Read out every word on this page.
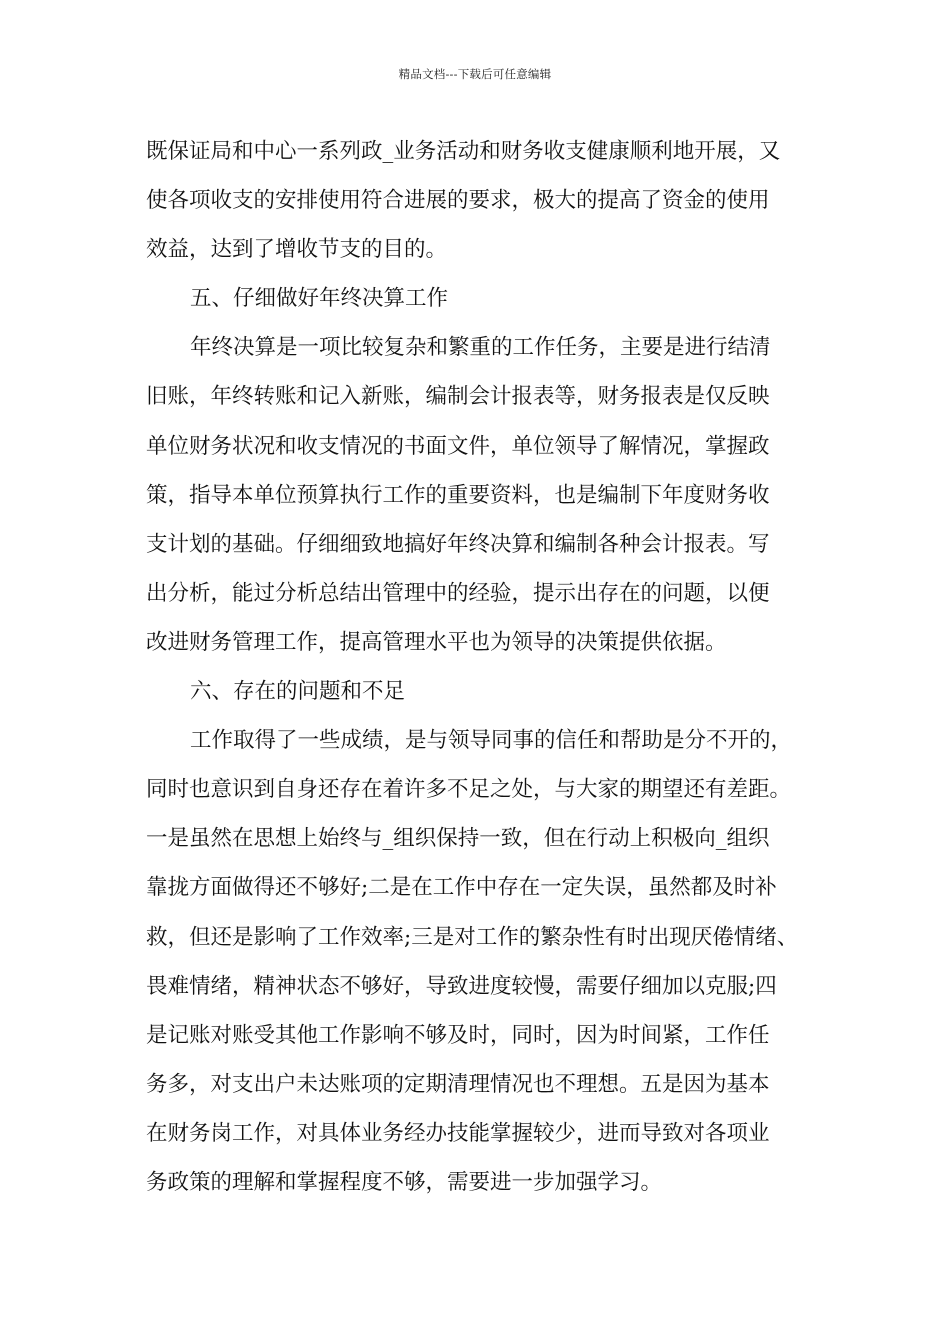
精品文档---下载后可任意编辑
既保证局和中心一系列政_业务活动和财务收支健康顺利地开展，又
使各项收支的安排使用符合进展的要求，极大的提高了资金的使用
效益，达到了增收节支的目的。
五、仔细做好年终决算工作
年终决算是一项比较复杂和繁重的工作任务，主要是进行结清
旧账，年终转账和记入新账，编制会计报表等，财务报表是仅反映
单位财务状况和收支情况的书面文件，单位领导了解情况，掌握政
策，指导本单位预算执行工作的重要资料，也是编制下年度财务收
支计划的基础。仔细细致地搞好年终决算和编制各种会计报表。写
出分析，能过分析总结出管理中的经验，提示出存在的问题，以便
改进财务管理工作，提高管理水平也为领导的决策提供依据。
六、存在的问题和不足
工作取得了一些成绩，是与领导同事的信任和帮助是分不开的，
同时也意识到自身还存在着许多不足之处，与大家的期望还有差距。
一是虽然在思想上始终与_组织保持一致，但在行动上积极向_组织
靠拢方面做得还不够好;二是在工作中存在一定失误，虽然都及时补
救，但还是影响了工作效率;三是对工作的繁杂性有时出现厌倦情绪、
畏难情绪，精神状态不够好，导致进度较慢，需要仔细加以克服;四
是记账对账受其他工作影响不够及时，同时，因为时间紧，工作任
务多，对支出户未达账项的定期清理情况也不理想。五是因为基本
在财务岗工作，对具体业务经办技能掌握较少，进而导致对各项业
务政策的理解和掌握程度不够，需要进一步加强学习。
